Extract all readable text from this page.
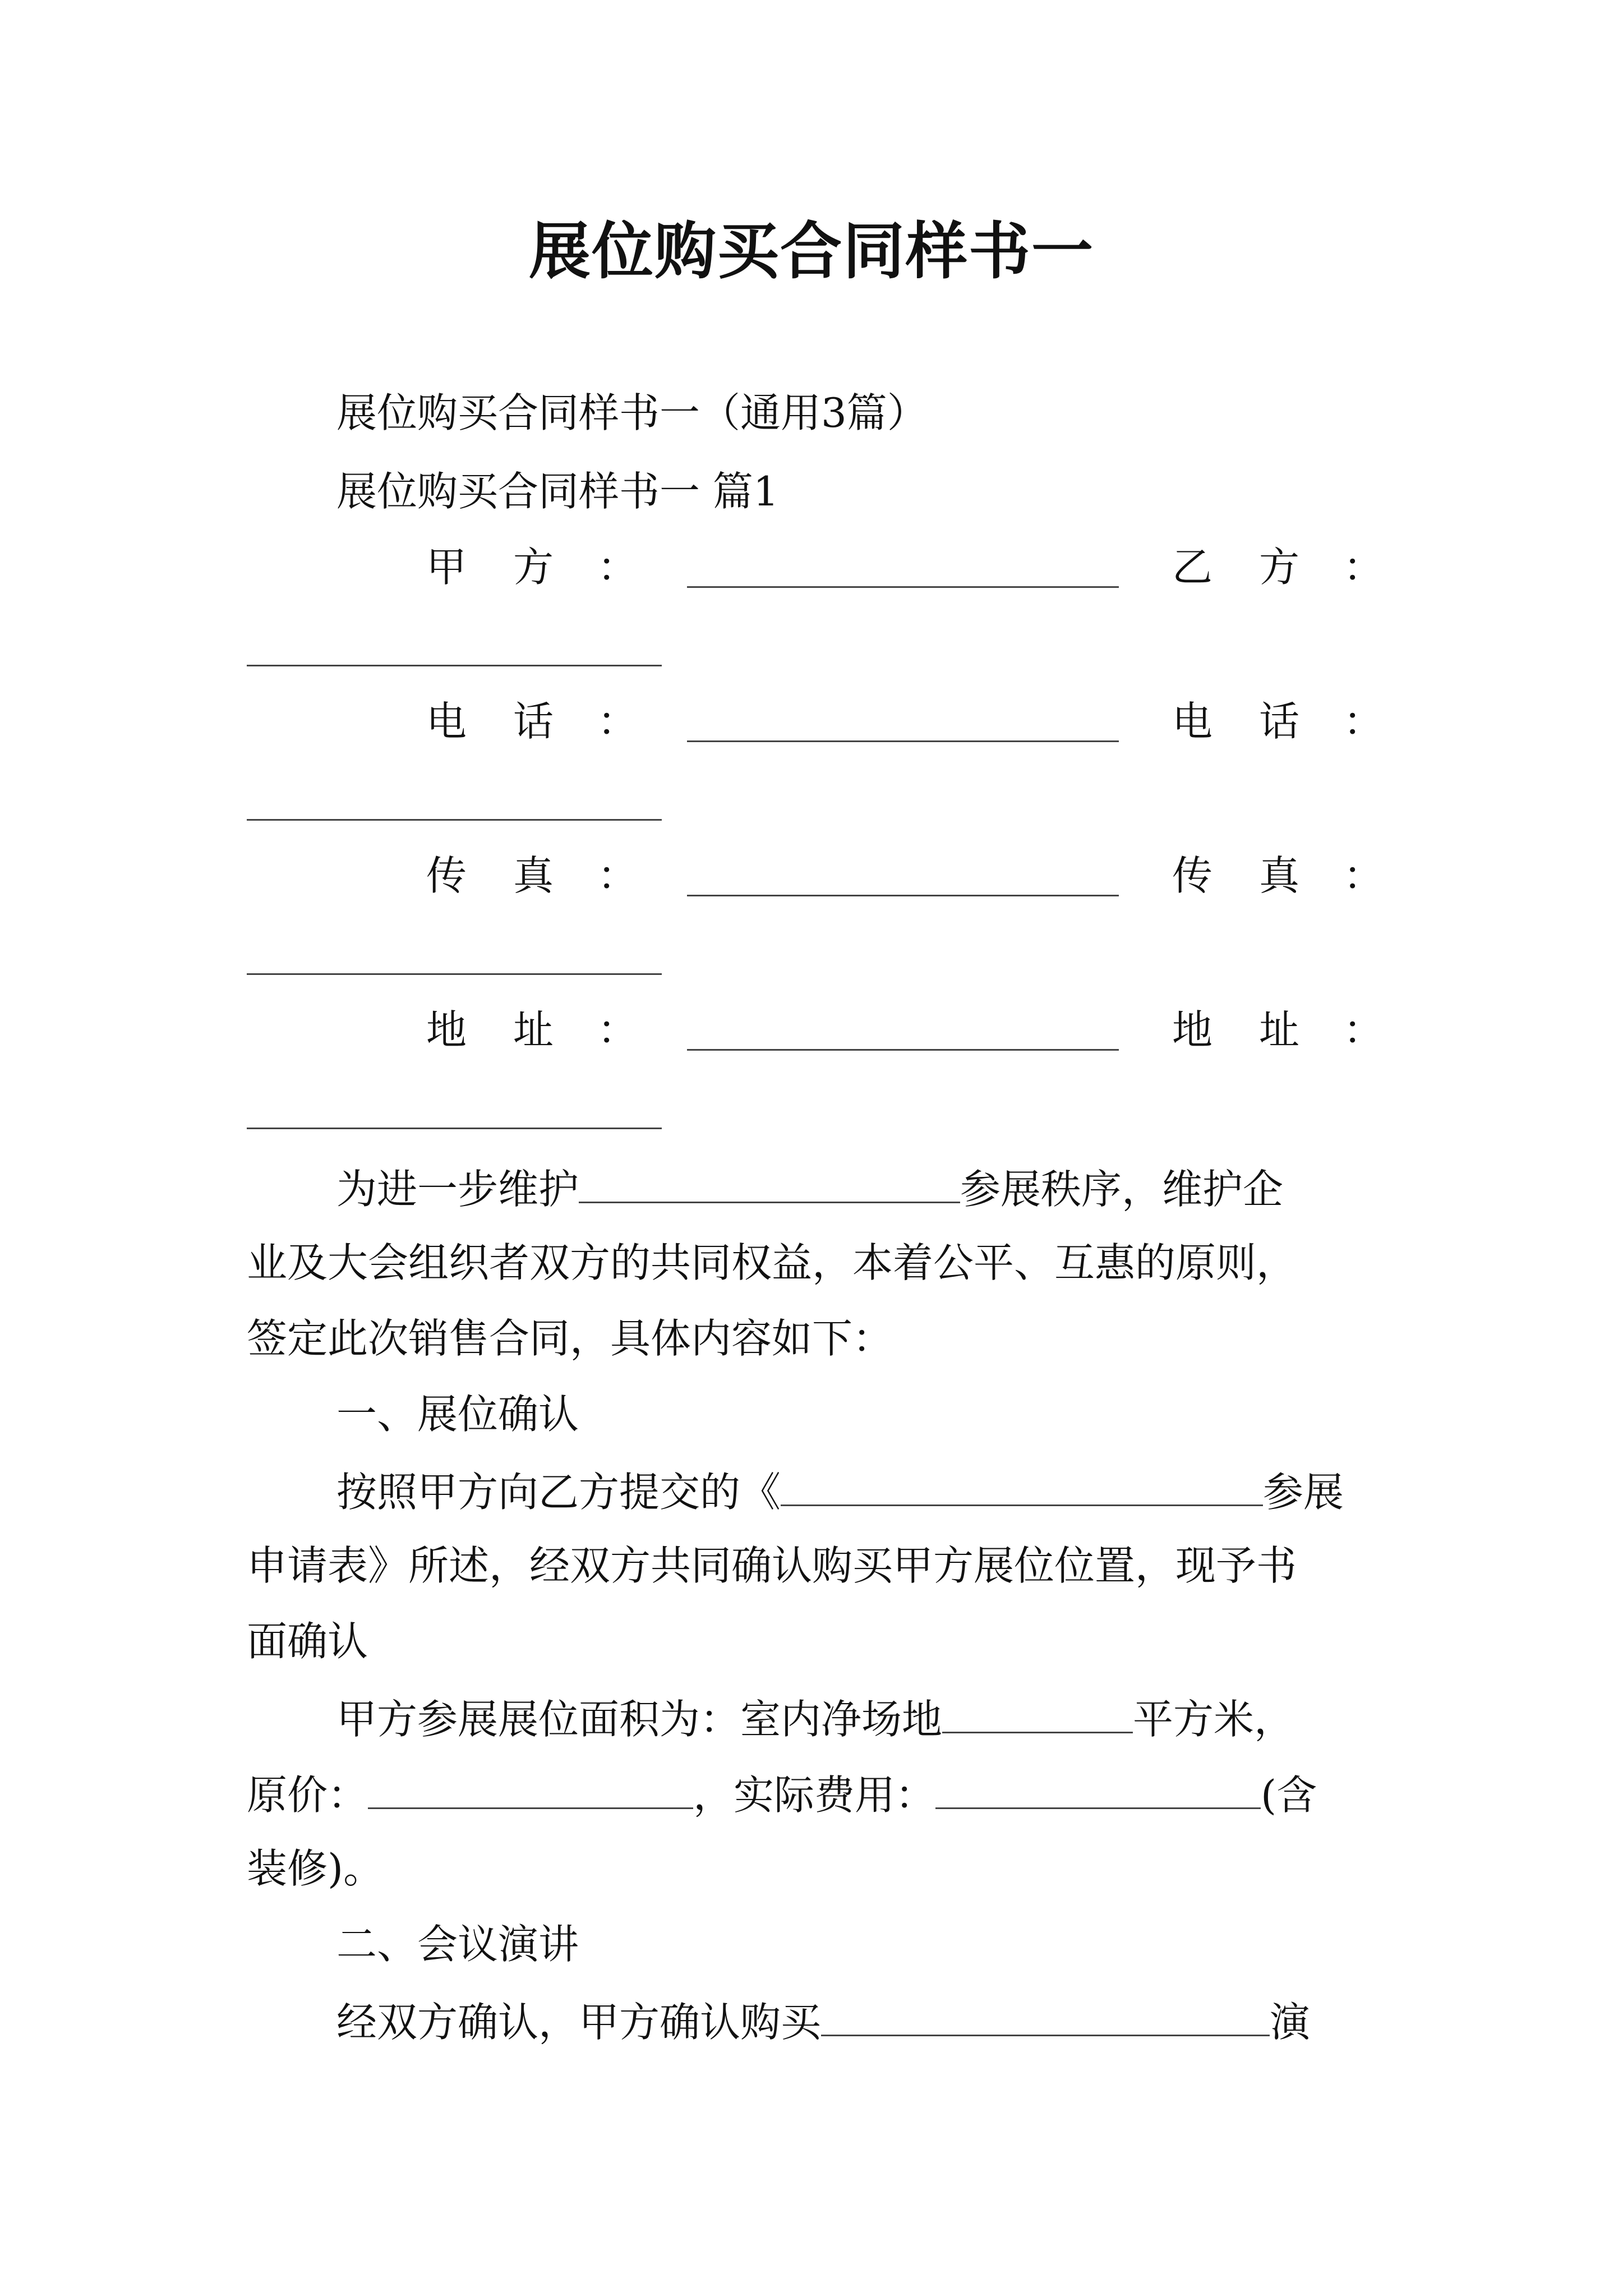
展位购买合同样书一
展位购买合同样书一（通用3篇）
展位购买合同样书一 篇1
甲 方 ：	乙 方 ：
电 话 ：	电 话 ：
传 真 ：	传 真 ：
地 址 ：	地 址 ：
为进一步维护	参展秩序，维护企
业及大会组织者双方的共同权益，本着公平、互惠的原则，
签定此次销售合同，具体内容如下：
一、展位确认
按照甲方向乙方提交的《	参展
申请表》所述，经双方共同确认购买甲方展位位置，现予书
面确认
甲方参展展位面积为：室内净场地	平方米，
原价：	，实际费用：	(含
装修)。
二、会议演讲
经双方确认，甲方确认购买	演
